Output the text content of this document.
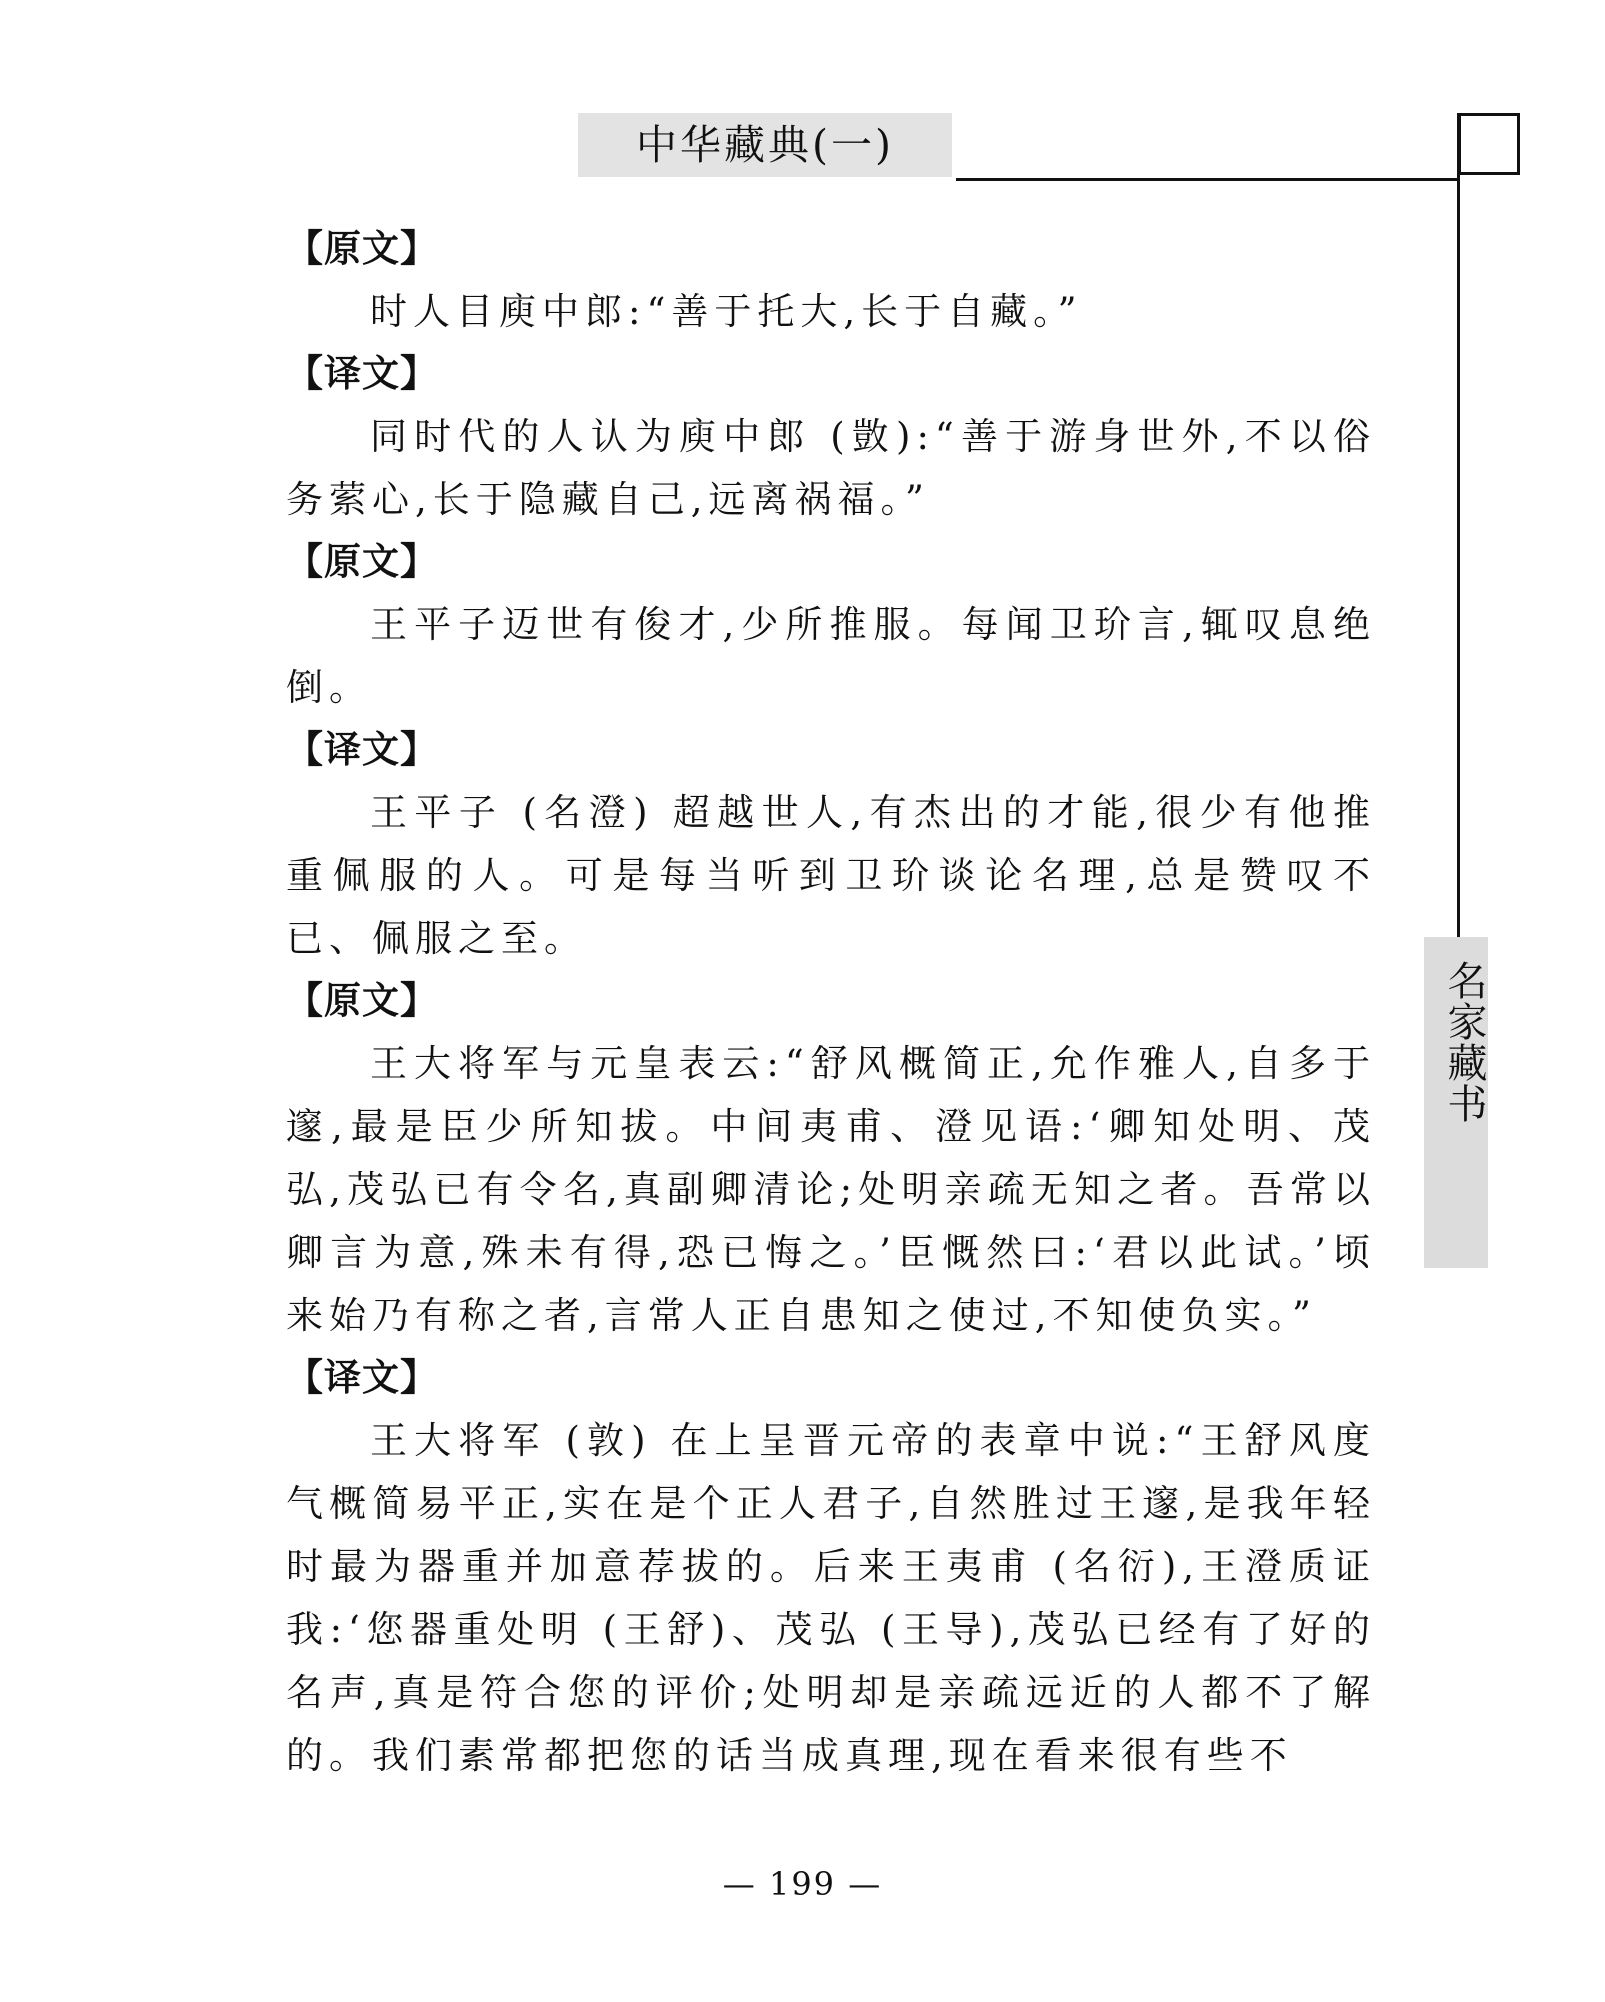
中华藏典(一)
名家藏书
【原文】

时人目庾中郎:“善于托大,长于自藏。”

【译文】

同时代的人认为庾中郎 (敳):“善于游身世外,不以俗务萦心,长于隐藏自己,远离祸福。”

【原文】

王平子迈世有俊才,少所推服。每闻卫玠言,辄叹息绝倒。

【译文】

王平子 (名澄) 超越世人,有杰出的才能,很少有他推重佩服的人。可是每当听到卫玠谈论名理,总是赞叹不已、佩服之至。

【原文】

王大将军与元皇表云:“舒风概简正,允作雅人,自多于邃,最是臣少所知拔。中间夷甫、澄见语:‘卿知处明、茂弘,茂弘已有令名,真副卿清论;处明亲疏无知之者。吾常以卿言为意,殊未有得,恐已悔之。’臣慨然曰:‘君以此试。’顷来始乃有称之者,言常人正自患知之使过,不知使负实。”

【译文】

王大将军 (敦) 在上呈晋元帝的表章中说:“王舒风度气概简易平正,实在是个正人君子,自然胜过王邃,是我年轻时最为器重并加意荐拔的。后来王夷甫 (名衍),王澄质证我:‘您器重处明 (王舒)、茂弘 (王导),茂弘已经有了好的名声,真是符合您的评价;处明却是亲疏远近的人都不了解的。我们素常都把您的话当成真理,现在看来很有些不

— 199 —
